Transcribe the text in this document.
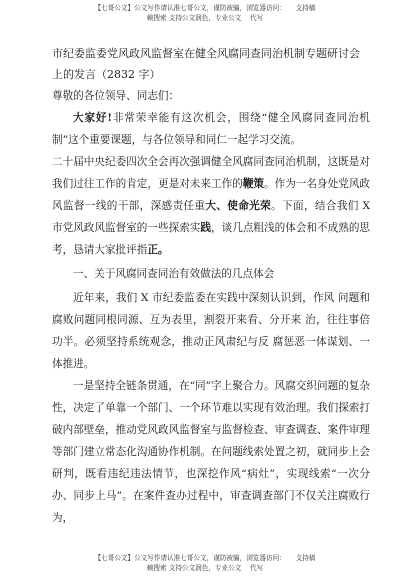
【七哥公文】公文写作请认准七哥公文，谨防被骗，浏览器访问：　　支持稿
赖搜索 支持公文润色，专业公文　 代写

市纪委监委党风政风监督室在健全风腐同查同治机制专题研讨会上的发言（2832 字）

尊敬的各位领导、同志们：

大家好!非常荣幸能有这次机会，围绕“健全风腐同查同治机制”这个重要课题，与各位领导和同仁一起学习交流。

二十届中央纪委四次全会再次强调健全风腐同查同治机制，这既是对我们过往工作的肯定，更是对未来工作的鞭策。作为一名身处党风政风监督一线的干部，深感责任重大、使命光荣。下面，结合我们 X 市党风政风监督室的一些探索实践，谈几点粗浅的体会和不成熟的思考，恳请大家批评指正。

一、关于风腐同查同治有效做法的几点体会

近年来，我们 X 市纪委监委在实践中深刻认识到，作风 问题和腐败问题同根同源、互为表里，割裂开来看、分开来 治，往往事倍功半。必须坚持系统观念，推动正风肃纪与反 腐惩恶一体谋划、一体推进。

一是坚持全链条贯通，在“同”字上聚合力。风腐交织问题的复杂性，决定了单靠一个部门、一个环节难以实现有效治理。我们探索打破内部壁垒，推动党风政风监督室与监督检查、审查调查、案件审理等部门建立常态化沟通协作机制。在问题线索处置之初，就同步上会研判，既看违纪违法情节，也深挖作风“病灶”，实现线索“一次分办、同步上马”。在案件查办过程中，审查调查部门不仅关注腐败行为，

【七哥公文】公文写作请认准七哥公文，谨防被骗，浏览器访问：　　支持稿
赖搜索 支持公文润色，专业公文　 代写
